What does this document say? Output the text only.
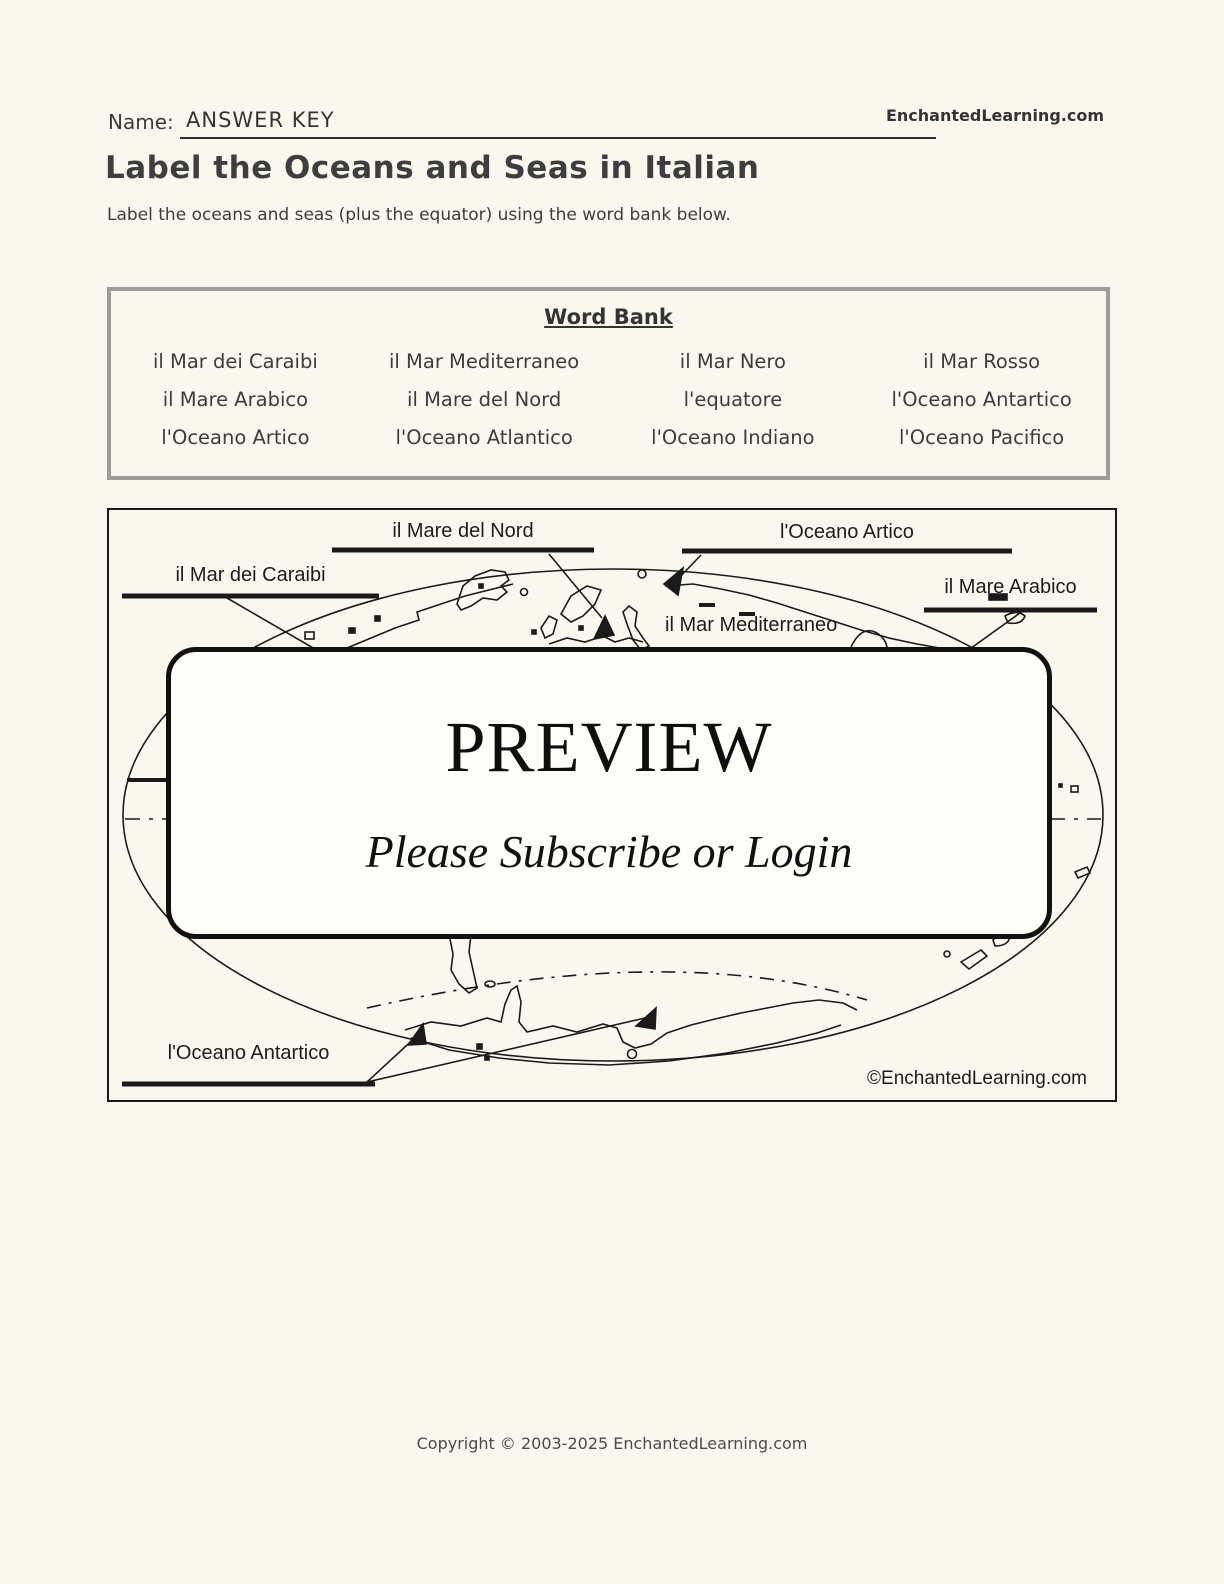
Name: ANSWER KEY	EnchantedLearning.com
Label the Oceans and Seas in Italian

Label the oceans and seas (plus the equator) using the word bank below.

Word Bank
il Mar dei Caraibi	il Mar Mediterraneo	il Mar Nero	il Mar Rosso
il Mare Arabico	il Mare del Nord	l'equatore	l'Oceano Antartico
l'Oceano Artico	l'Oceano Atlantico	l'Oceano Indiano	l'Oceano Pacifico
il Mare del Nord	l'Oceano Artico
il Mar dei Caraibi
il Mare Arabico
il Mar Mediterraneo
l'Oceano Antartico
PREVIEW
Please Subscribe or Login
©EnchantedLearning.com
Copyright © 2003-2025 EnchantedLearning.com
